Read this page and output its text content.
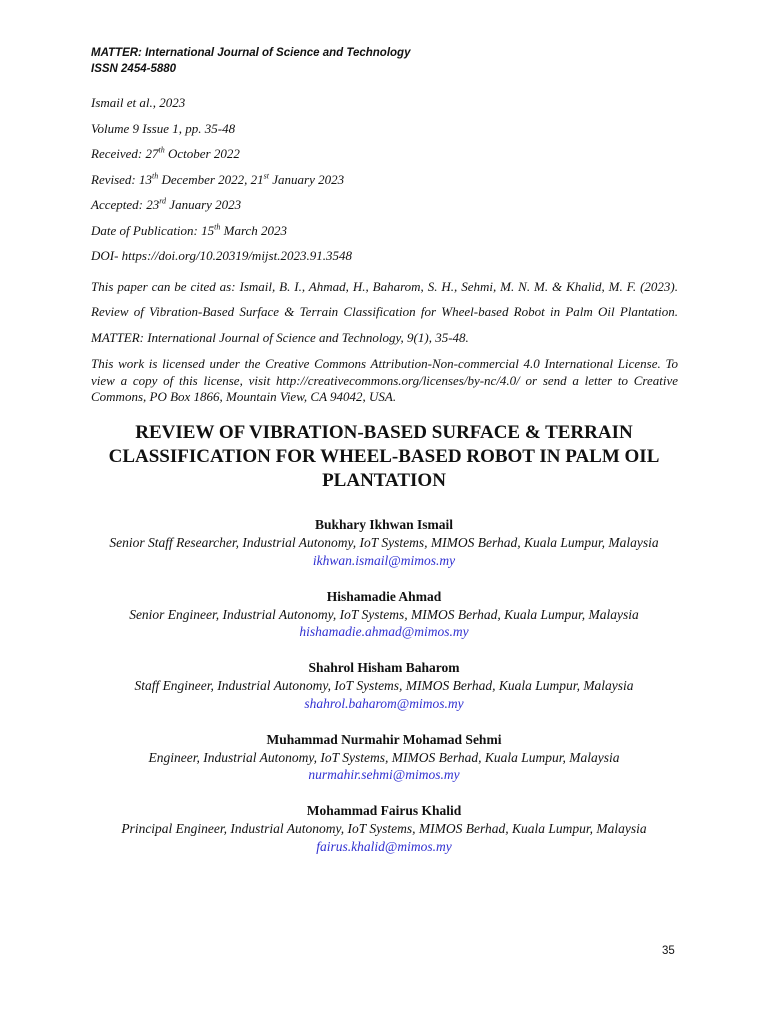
MATTER: International Journal of Science and Technology
ISSN 2454-5880
Ismail et al., 2023
Volume 9 Issue 1, pp. 35-48
Received: 27th October 2022
Revised: 13th December 2022, 21st January 2023
Accepted: 23rd January 2023
Date of Publication: 15th March 2023
DOI- https://doi.org/10.20319/mijst.2023.91.3548
This paper can be cited as: Ismail, B. I., Ahmad, H., Baharom, S. H., Sehmi, M. N. M. & Khalid, M. F. (2023). Review of Vibration-Based Surface & Terrain Classification for Wheel-based Robot in Palm Oil Plantation. MATTER: International Journal of Science and Technology, 9(1), 35-48.
This work is licensed under the Creative Commons Attribution-Non-commercial 4.0 International License. To view a copy of this license, visit http://creativecommons.org/licenses/by-nc/4.0/ or send a letter to Creative Commons, PO Box 1866, Mountain View, CA 94042, USA.
REVIEW OF VIBRATION-BASED SURFACE & TERRAIN
CLASSIFICATION FOR WHEEL-BASED ROBOT IN PALM OIL
PLANTATION
Bukhary Ikhwan Ismail
Senior Staff Researcher, Industrial Autonomy, IoT Systems, MIMOS Berhad, Kuala Lumpur, Malaysia
ikhwan.ismail@mimos.my
Hishamadie Ahmad
Senior Engineer, Industrial Autonomy, IoT Systems, MIMOS Berhad, Kuala Lumpur, Malaysia
hishamadie.ahmad@mimos.my
Shahrol Hisham Baharom
Staff Engineer, Industrial Autonomy, IoT Systems, MIMOS Berhad, Kuala Lumpur, Malaysia
shahrol.baharom@mimos.my
Muhammad Nurmahir Mohamad Sehmi
Engineer, Industrial Autonomy, IoT Systems, MIMOS Berhad, Kuala Lumpur, Malaysia
nurmahir.sehmi@mimos.my
Mohammad Fairus Khalid
Principal Engineer, Industrial Autonomy, IoT Systems, MIMOS Berhad, Kuala Lumpur, Malaysia
fairus.khalid@mimos.my
35
